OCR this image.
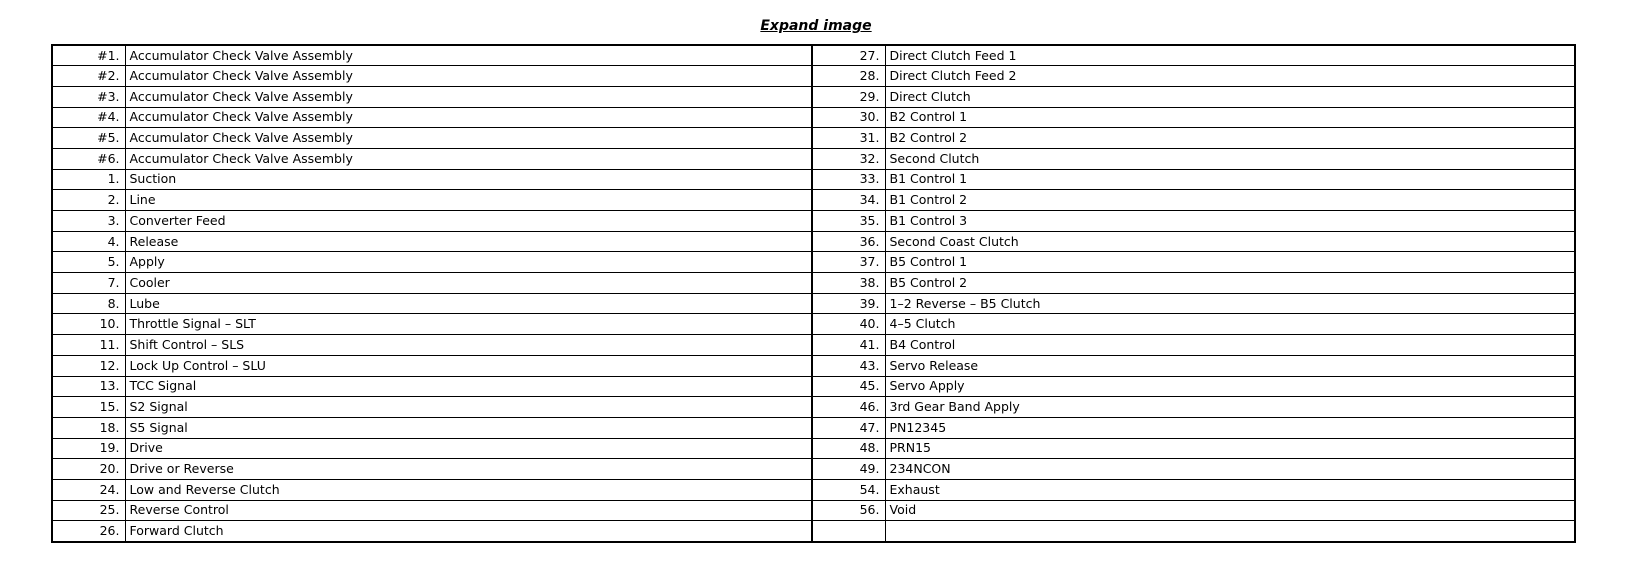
Expand image
#1.	Accumulator Check Valve Assembly	27.	Direct Clutch Feed 1
#2.	Accumulator Check Valve Assembly	28.	Direct Clutch Feed 2
#3.	Accumulator Check Valve Assembly	29.	Direct Clutch
#4.	Accumulator Check Valve Assembly	30.	B2 Control 1
#5.	Accumulator Check Valve Assembly	31.	B2 Control 2
#6.	Accumulator Check Valve Assembly	32.	Second Clutch
1.	Suction	33.	B1 Control 1
2.	Line	34.	B1 Control 2
3.	Converter Feed	35.	B1 Control 3
4.	Release	36.	Second Coast Clutch
5.	Apply	37.	B5 Control 1
7.	Cooler	38.	B5 Control 2
8.	Lube	39.	1–2 Reverse – B5 Clutch
10.	Throttle Signal – SLT	40.	4–5 Clutch
11.	Shift Control – SLS	41.	B4 Control
12.	Lock Up Control – SLU	43.	Servo Release
13.	TCC Signal	45.	Servo Apply
15.	S2 Signal	46.	3rd Gear Band Apply
18.	S5 Signal	47.	PN12345
19.	Drive	48.	PRN15
20.	Drive or Reverse	49.	234NCON
24.	Low and Reverse Clutch	54.	Exhaust
25.	Reverse Control	56.	Void
26.	Forward Clutch		
